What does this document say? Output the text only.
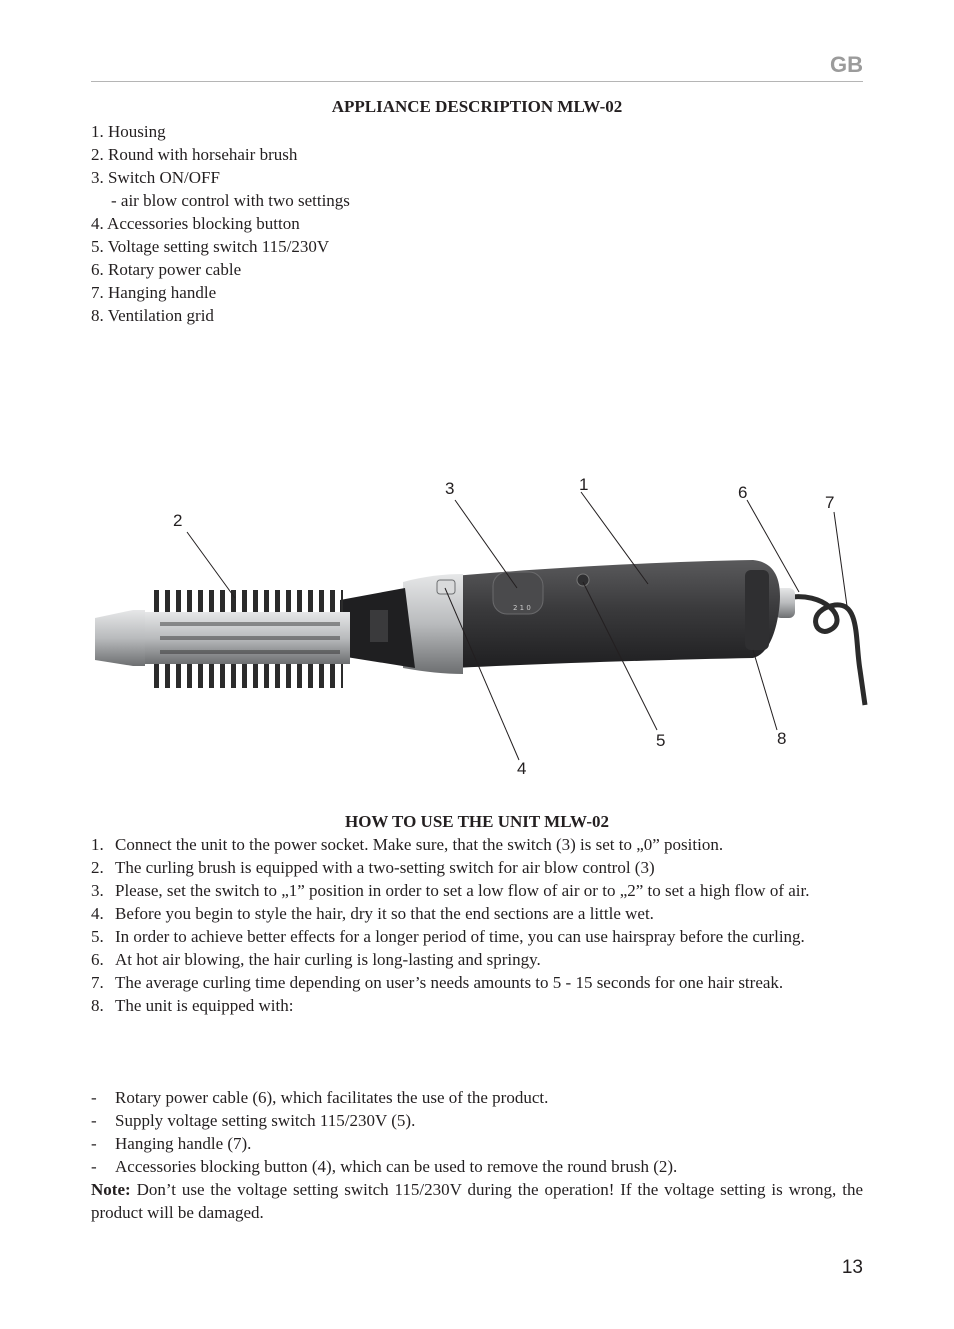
GB
APPLIANCE DESCRIPTION MLW-02
1. Housing
2. Round with horsehair brush
3. Switch ON/OFF
- air blow control with two settings
4. Accessories blocking button
5. Voltage setting switch 115/230V
6. Rotary power cable
7. Hanging handle
8. Ventilation grid
2 1 0
1
2
3
4
5
6
7
8
HOW TO USE THE UNIT MLW-02
1. Connect the unit to the power socket. Make sure, that the switch (3) is set to „0” position.
2. The curling brush is equipped with a two-setting switch for air blow control (3)
3. Please, set the switch to „1” position in order to set a low flow of air or to „2” to set a high flow of air.
4. Before you begin to style the hair, dry it so that the end sections are a little wet.
5. In order to achieve better effects for a longer period of time, you can use hairspray before the curling.
6. At hot air blowing, the hair curling is long-lasting and springy.
7. The average curling time depending on user’s needs amounts to 5 - 15 seconds for one hair streak.
8. The unit is equipped with:
-	Rotary power cable (6), which facilitates the use of the product.
-	Supply voltage setting switch 115/230V (5).
-	Hanging handle (7).
-	Accessories blocking button (4), which can be used to remove the round brush (2).
Note: Don’t use the voltage setting switch 115/230V during the operation! If the voltage setting is wrong, the product will be damaged.
13
